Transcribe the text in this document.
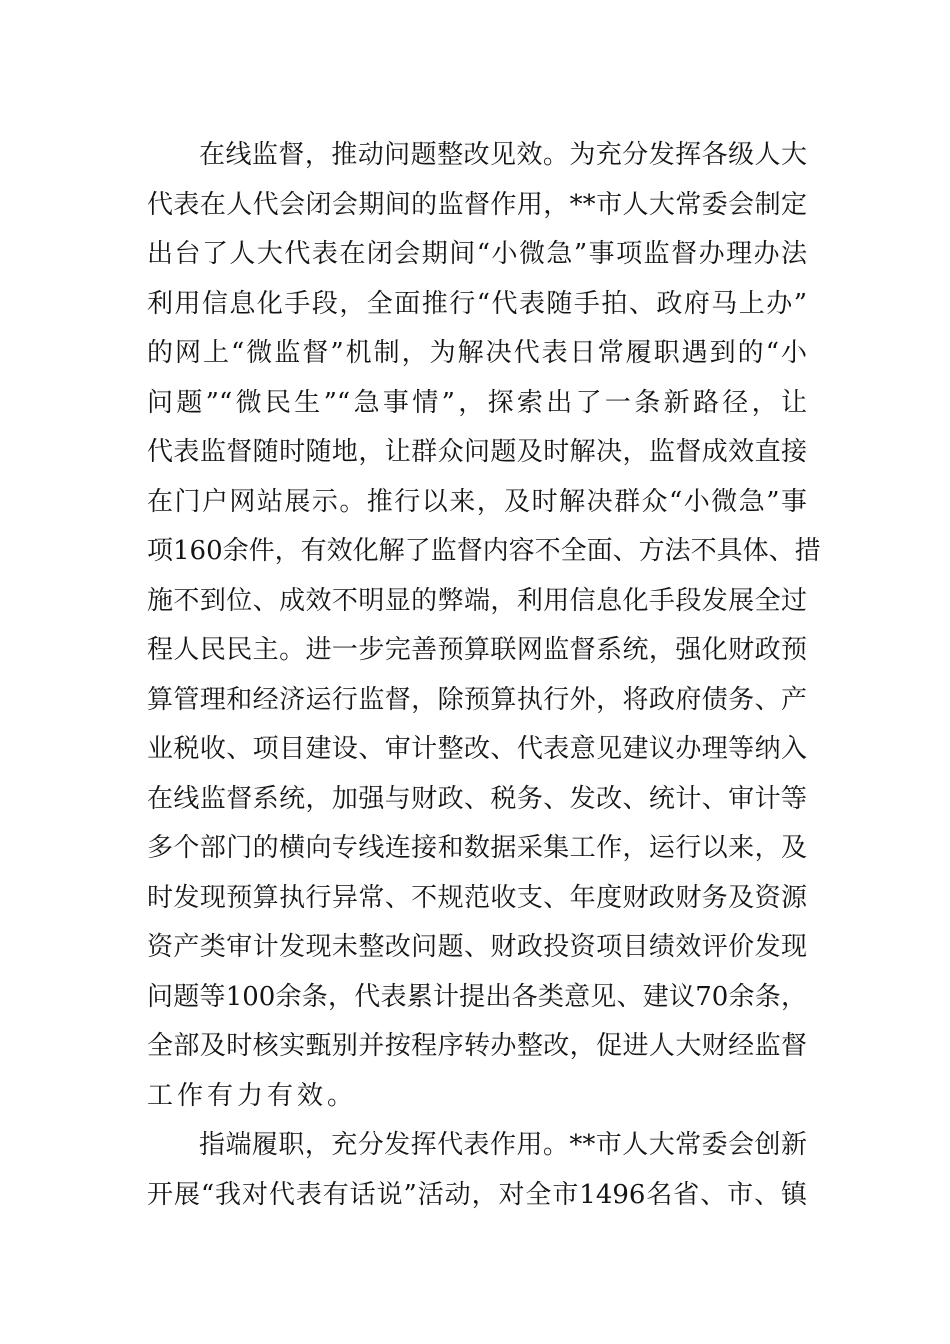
在线监督，推动问题整改见效。为充分发挥各级人大
代表在人代会闭会期间的监督作用，**市人大常委会制定
出台了人大代表在闭会期间“小微急”事项监督办理办法
利用信息化手段，全面推行“代表随手拍、政府马上办”
的网上“微监督”机制，为解决代表日常履职遇到的“小
问题”“微民生”“急事情”，探索出了一条新路径，让
代表监督随时随地，让群众问题及时解决，监督成效直接
在门户网站展示。推行以来，及时解决群众“小微急”事
项160余件，有效化解了监督内容不全面、方法不具体、措
施不到位、成效不明显的弊端，利用信息化手段发展全过
程人民民主。进一步完善预算联网监督系统，强化财政预
算管理和经济运行监督，除预算执行外，将政府债务、产
业税收、项目建设、审计整改、代表意见建议办理等纳入
在线监督系统，加强与财政、税务、发改、统计、审计等
多个部门的横向专线连接和数据采集工作，运行以来，及
时发现预算执行异常、不规范收支、年度财政财务及资源
资产类审计发现未整改问题、财政投资项目绩效评价发现
问题等100余条，代表累计提出各类意见、建议70余条，
全部及时核实甄别并按程序转办整改，促进人大财经监督
工作有力有效。
指端履职，充分发挥代表作用。**市人大常委会创新
开展“我对代表有话说”活动，对全市1496名省、市、镇
